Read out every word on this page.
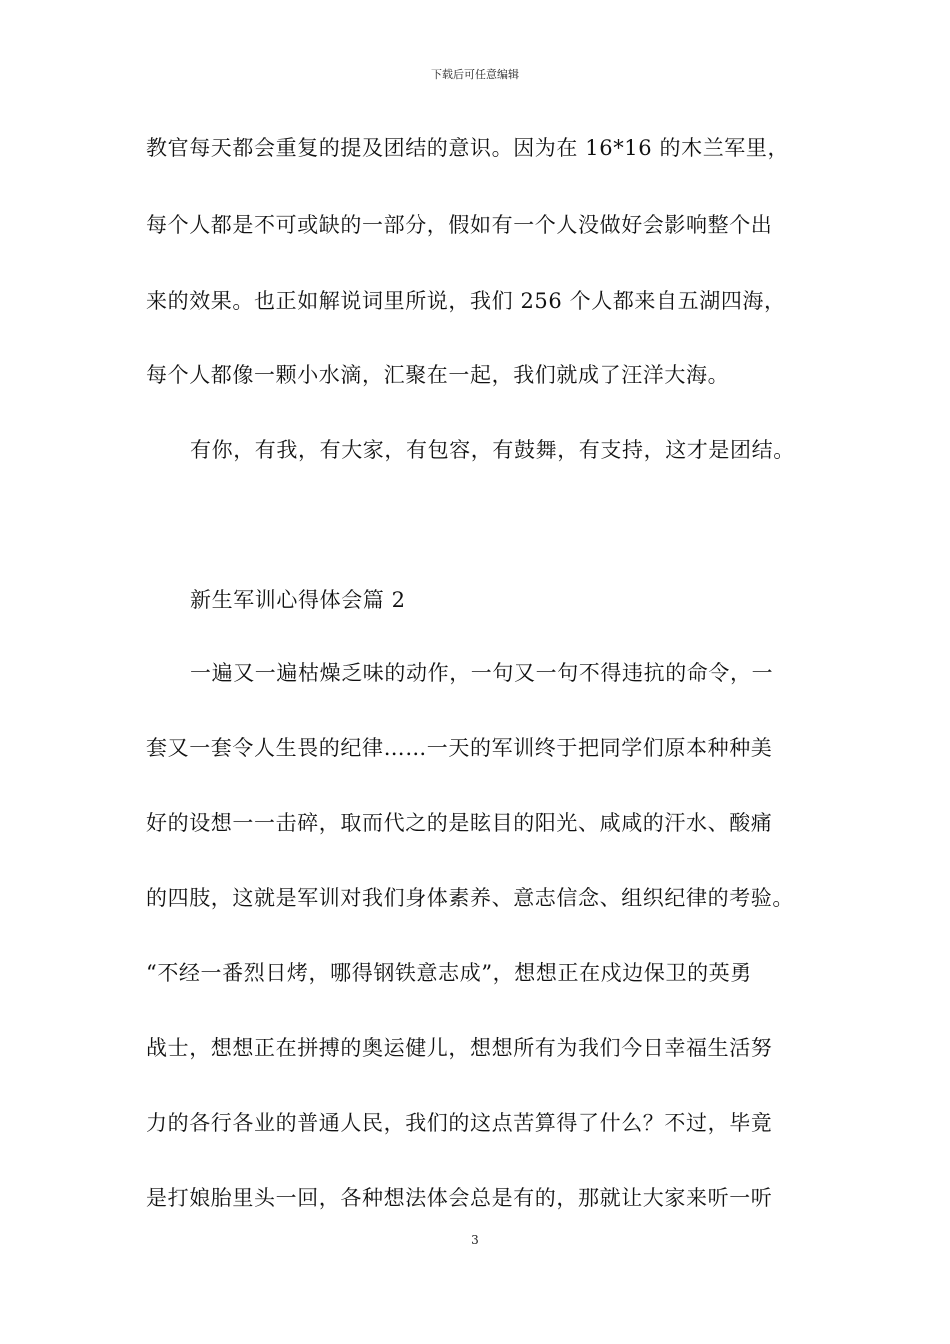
下载后可任意编辑
教官每天都会重复的提及团结的意识。因为在 16*16 的木兰军里，
每个人都是不可或缺的一部分，假如有一个人没做好会影响整个出
来的效果。也正如解说词里所说，我们 256 个人都来自五湖四海，
每个人都像一颗小水滴，汇聚在一起，我们就成了汪洋大海。
有你，有我，有大家，有包容，有鼓舞，有支持，这才是团结。
新生军训心得体会篇 2
一遍又一遍枯燥乏味的动作，一句又一句不得违抗的命令，一
套又一套令人生畏的纪律……一天的军训终于把同学们原本种种美
好的设想一一击碎，取而代之的是眩目的阳光、咸咸的汗水、酸痛
的四肢，这就是军训对我们身体素养、意志信念、组织纪律的考验。
“不经一番烈日烤，哪得钢铁意志成”，想想正在戍边保卫的英勇
战士，想想正在拼搏的奥运健儿，想想所有为我们今日幸福生活努
力的各行各业的普通人民，我们的这点苦算得了什么？不过，毕竟
是打娘胎里头一回，各种想法体会总是有的，那就让大家来听一听
3
